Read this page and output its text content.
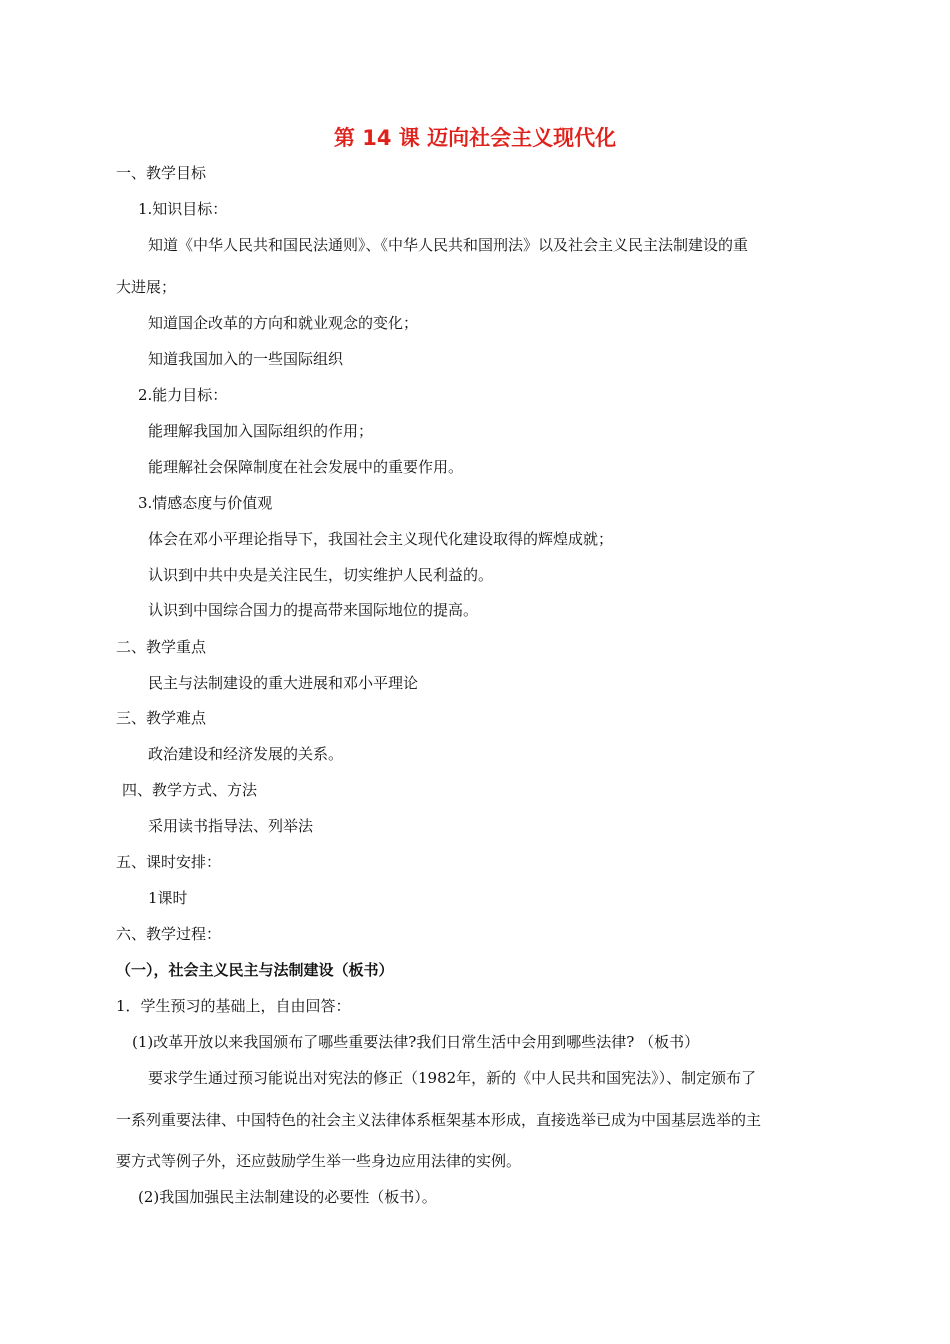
第 14 课 迈向社会主义现代化
一、教学目标
1.知识目标：
知道《中华人民共和国民法通则》、《中华人民共和国刑法》以及社会主义民主法制建设的重
大进展；
知道国企改革的方向和就业观念的变化；
知道我国加入的一些国际组织
2.能力目标：
能理解我国加入国际组织的作用；
能理解社会保障制度在社会发展中的重要作用。
3.情感态度与价值观
体会在邓小平理论指导下，我国社会主义现代化建设取得的辉煌成就；
认识到中共中央是关注民生，切实维护人民利益的。
认识到中国综合国力的提高带来国际地位的提高。
二、教学重点
民主与法制建设的重大进展和邓小平理论
三、教学难点
政治建设和经济发展的关系。
四、教学方式、方法
采用读书指导法、列举法
五、课时安排：
1课时
六、教学过程：
（一），社会主义民主与法制建设（板书）
1．学生预习的基础上，自由回答：
(1)改革开放以来我国颁布了哪些重要法律?我们日常生活中会用到哪些法律? （板书）
要求学生通过预习能说出对宪法的修正（1982年，新的《中人民共和国宪法》）、制定颁布了
一系列重要法律、中国特色的社会主义法律体系框架基本形成，直接选举已成为中国基层选举的主
要方式等例子外，还应鼓励学生举一些身边应用法律的实例。
(2)我国加强民主法制建设的必要性（板书）。
